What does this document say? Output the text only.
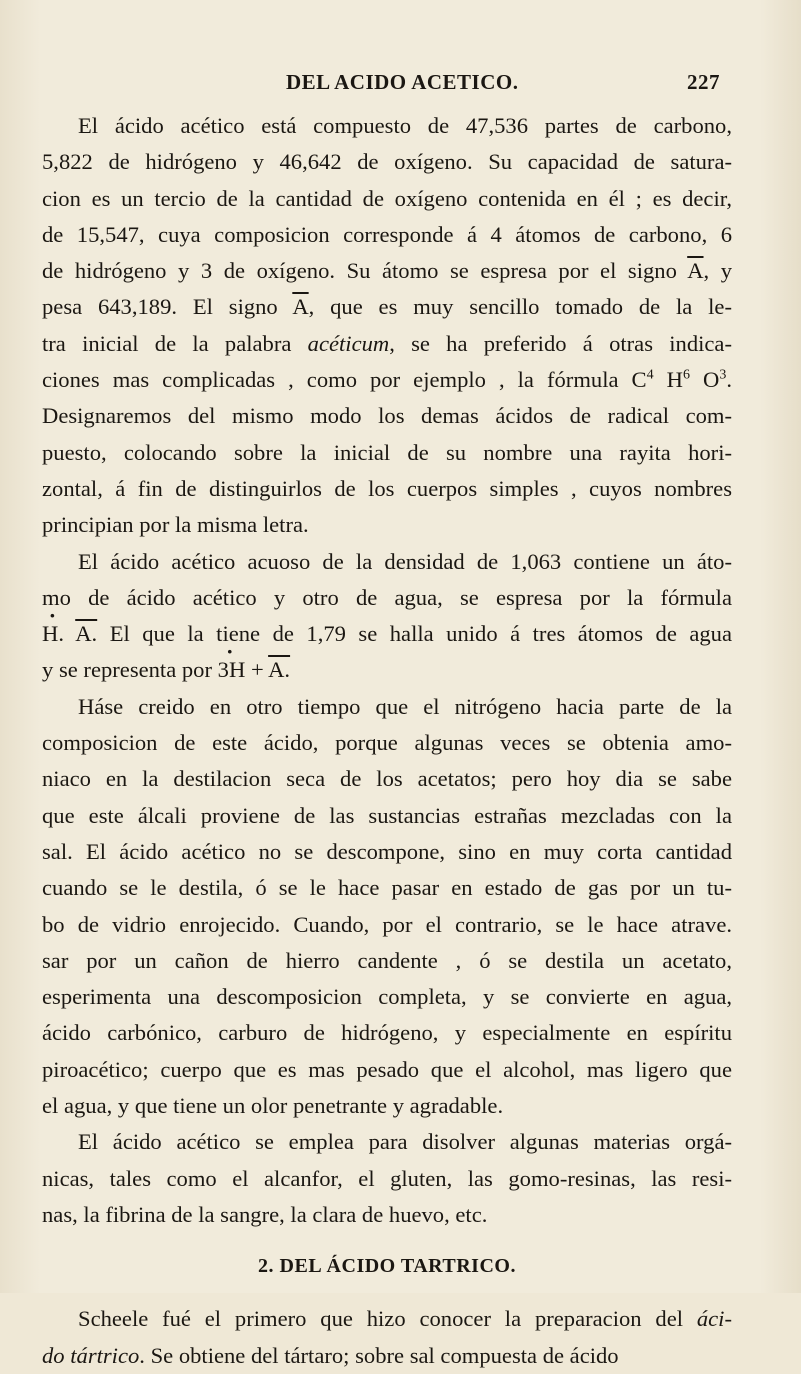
DEL ACIDO ACETICO.	227
El ácido acético está compuesto de 47,536 partes de carbono,
5,822 de hidrógeno y 46,642 de oxígeno. Su capacidad de satura-
cion es un tercio de la cantidad de oxígeno contenida en él ; es decir,
de 15,547, cuya composicion corresponde á 4 átomos de carbono, 6
de hidrógeno y 3 de oxígeno. Su átomo se espresa por el signo $\overline{A}$, y
pesa 643,189. El signo $\overline{A}$, que es muy sencillo tomado de la le-
tra inicial de la palabra acéticum, se ha preferido á otras indica-
ciones mas complicadas , como por ejemplo , la fórmula $C^4$ $H^6$ $O^3$.
Designaremos del mismo modo los demas ácidos de radical com-
puesto, colocando sobre la inicial de su nombre una rayita hori-
zontal, á fin de distinguirlos de los cuerpos simples , cuyos nombres
principian por la misma letra.
El ácido acético acuoso de la densidad de 1,063 contiene un áto-
mo de ácido acético y otro de agua, se espresa por la fórmula
· H. A. El que la tiene de 1,79 se halla unido á tres átomos de agua
y se representa por · 3H + A.
Háse creido en otro tiempo que el nitrógeno hacia parte de la
composicion de este ácido, porque algunas veces se obtenia amo-
niaco en la destilacion seca de los acetatos; pero hoy dia se sabe
que este álcali proviene de las sustancias estrañas mezcladas con la
sal. El ácido acético no se descompone, sino en muy corta cantidad
cuando se le destila, ó se le hace pasar en estado de gas por un tu-
bo de vidrio enrojecido. Cuando, por el contrario, se le hace atrave.
sar por un cañon de hierro candente , ó se destila un acetato,
esperimenta una descomposicion completa, y se convierte en agua,
ácido carbónico, carburo de hidrógeno, y especialmente en espíritu
piroacético; cuerpo que es mas pesado que el alcohol, mas ligero que
el agua, y que tiene un olor penetrante y agradable.
El ácido acético se emplea para disolver algunas materias orgá-
nicas, tales como el alcanfor, el gluten, las gomo-resinas, las resi-
nas, la fibrina de la sangre, la clara de huevo, etc.
2. DEL ÁCIDO TARTRICO.
Scheele fué el primero que hizo conocer la preparacion del áci-
do tártrico. Se obtiene del tártaro; sobre sal compuesta de ácido
